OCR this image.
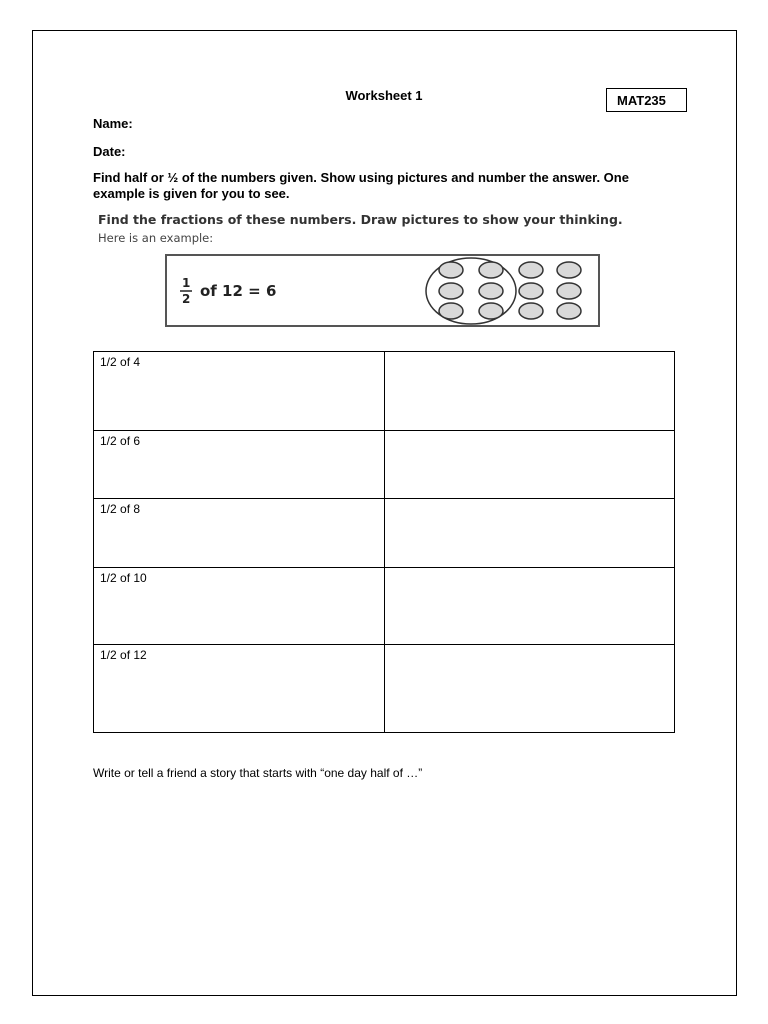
Worksheet 1	MAT235
Name:
Date:
Find half or ½ of the numbers given. Show using pictures and number the answer. One example is given for you to see.
Find the fractions of these numbers. Draw pictures to show your thinking.
Here is an example:
1
2 of 12 = 6
1/2 of 4	
1/2 of 6	
1/2 of 8	
1/2 of 10	
1/2 of 12	
Write or tell a friend a story that starts with “one day half of …”
